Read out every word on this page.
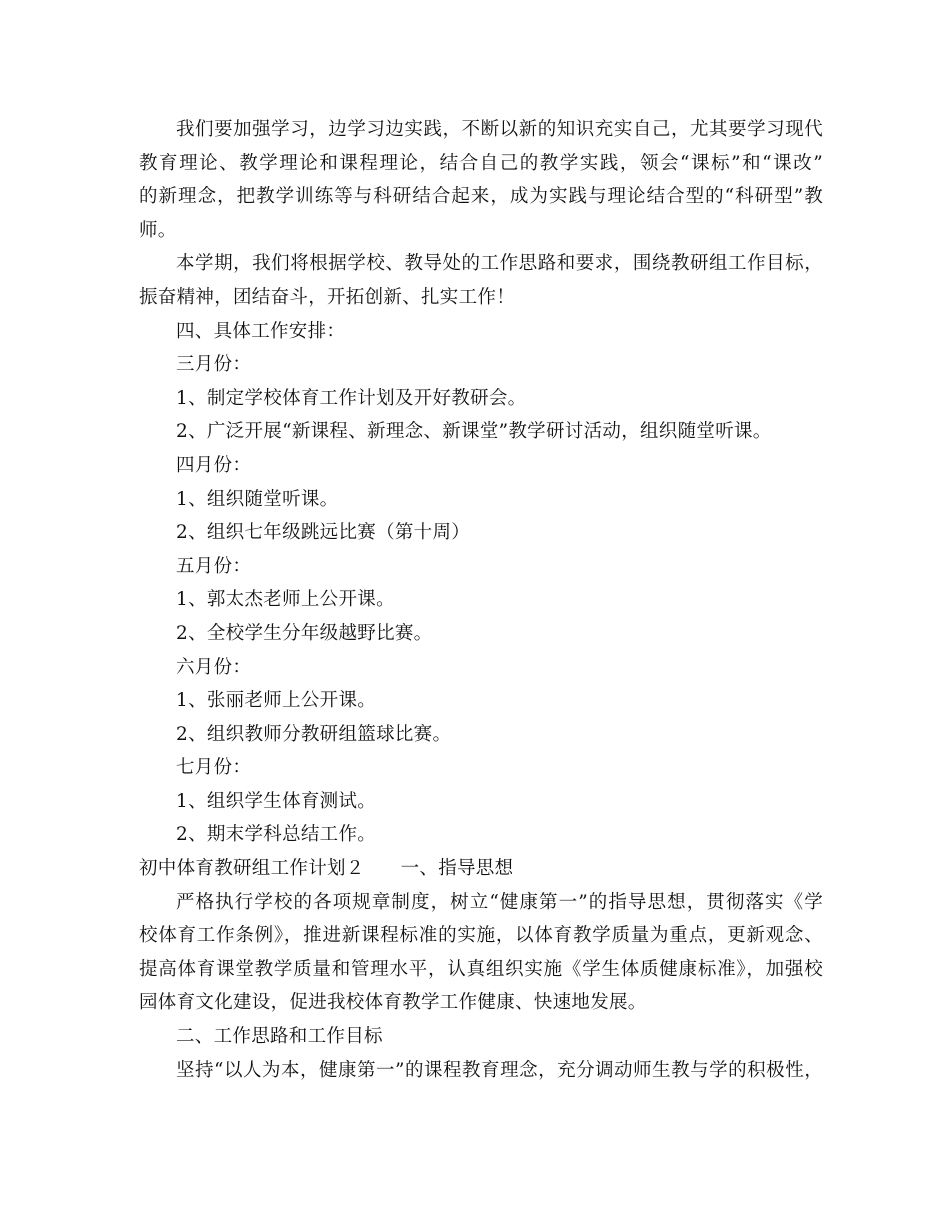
我们要加强学习，边学习边实践，不断以新的知识充实自己，尤其要学习现代
教育理论、教学理论和课程理论，结合自己的教学实践，领会“课标”和“课改”
的新理念，把教学训练等与科研结合起来，成为实践与理论结合型的“科研型”教
师。
本学期，我们将根据学校、教导处的工作思路和要求，围绕教研组工作目标，
振奋精神，团结奋斗，开拓创新、扎实工作！
四、具体工作安排：
三月份：
1、制定学校体育工作计划及开好教研会。
2、广泛开展“新课程、新理念、新课堂”教学研讨活动，组织随堂听课。
四月份：
1、组织随堂听课。
2、组织七年级跳远比赛（第十周）
五月份：
1、郭太杰老师上公开课。
2、全校学生分年级越野比赛。
六月份：
1、张丽老师上公开课。
2、组织教师分教研组篮球比赛。
七月份：
1、组织学生体育测试。
2、期末学科总结工作。
初中体育教研组工作计划２ 一、指导思想
严格执行学校的各项规章制度，树立“健康第一”的指导思想，贯彻落实《学
校体育工作条例》，推进新课程标准的实施，以体育教学质量为重点，更新观念、
提高体育课堂教学质量和管理水平，认真组织实施《学生体质健康标准》，加强校
园体育文化建设，促进我校体育教学工作健康、快速地发展。
二、工作思路和工作目标
坚持“以人为本，健康第一”的课程教育理念，充分调动师生教与学的积极性，
